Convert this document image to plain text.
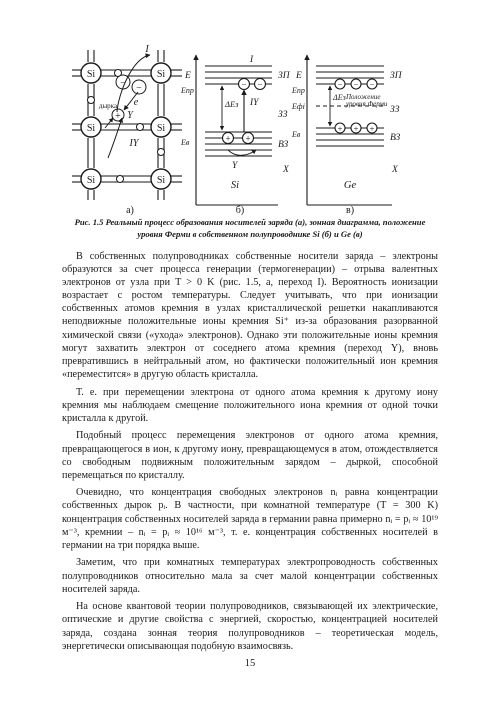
Si	Si
Si	Si
Si	Si
− −
+
I
e
Y
IY
дырка
− −
+ +
E
Eпр
Eв
ЗП
ЗЗ
ВЗ
ΔEз
I
IY
Y	X
Si
− − −
+ + +
E
Eпр
Eфі
Eв
ЗП
ЗЗ
ВЗ
ΔEз Положение
уровня Ферми
X
Ge
а)	б)	в)
Рис. 1.5 Реальный процесс образования носителей заряда (а), зонная диаграмма, положение уровня Ферми в собственном полупроводнике Si (б) и Ge (в)

В собственных полупроводниках собственные носители заряда – электроны образуются за счет процесса генерации (термогенерации) – отрыва валентных электронов от узла при T > 0 K (рис. 1.5, а, переход I). Вероятность ионизации возрастает с ростом температуры. Следует учитывать, что при ионизации собственных атомов кремния в узлах кристаллической решетки накапливаются неподвижные положительные ионы кремния Si⁺ из-за образования разорванной химической связи («ухода» электронов). Однако эти положительные ионы кремния могут захватить электрон от соседнего атома кремния (переход Y), вновь превратившись в нейтральный атом, но фактически положительный ион кремния «переместится» в другую область кристалла.

Т. е. при перемещении электрона от одного атома кремния к другому иону кремния мы наблюдаем смещение положительного иона кремния от одной точки кристалла к другой.

Подобный процесс перемещения электронов от одного атома кремния, превращающегося в ион, к другому иону, превращающемуся в атом, отождествляется со свободным подвижным положительным зарядом – дыркой, способной перемещаться по кристаллу.

Очевидно, что концентрация свободных электронов nᵢ равна концентрации собственных дырок pᵢ. В частности, при комнатной температуре (T = 300 K) концентрация собственных носителей заряда в германии равна примерно nᵢ = pᵢ ≈ 10¹⁹ м⁻³, кремнии – nᵢ = pᵢ ≈ 10¹⁶ м⁻³, т. е. концентрация собственных носителей в германии на три порядка выше.

Заметим, что при комнатных температурах электропроводность собственных полупроводников относительно мала за счет малой концентрации собственных носителей заряда.

На основе квантовой теории полупроводников, связывающей их электрические, оптические и другие свойства с энергией, скоростью, концентрацией носителей заряда, создана зонная теория полупроводников – теоретическая модель, энергетически описывающая подобную взаимосвязь.

15
